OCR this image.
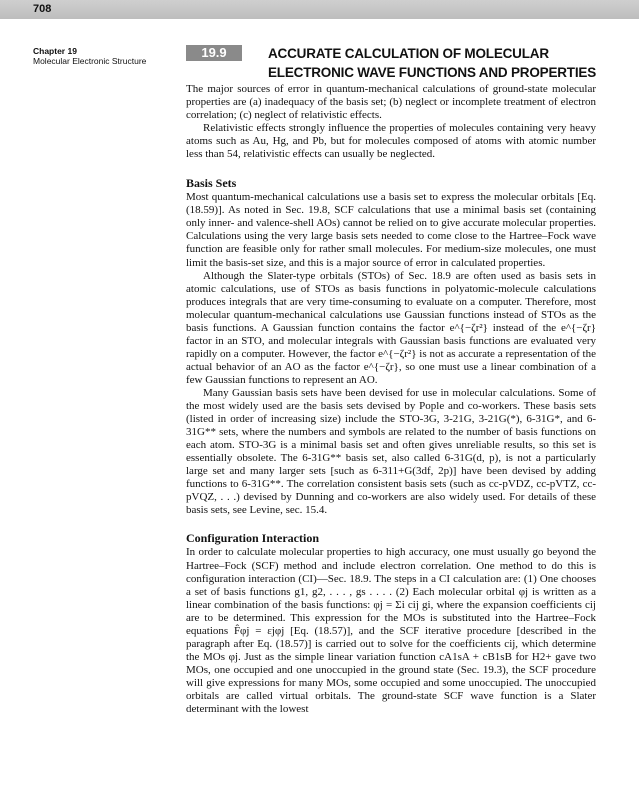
708
Chapter 19
Molecular Electronic Structure
19.9	ACCURATE CALCULATION OF MOLECULAR
ELECTRONIC WAVE FUNCTIONS AND PROPERTIES

The major sources of error in quantum-mechanical calculations of ground-state molecular properties are (a) inadequacy of the basis set; (b) neglect or incomplete treatment of electron correlation; (c) neglect of relativistic effects.

Relativistic effects strongly influence the properties of molecules containing very heavy atoms such as Au, Hg, and Pb, but for molecules composed of atoms with atomic number less than 54, relativistic effects can usually be neglected.

Basis Sets

Most quantum-mechanical calculations use a basis set to express the molecular orbitals [Eq. (18.59)]. As noted in Sec. 19.8, SCF calculations that use a minimal basis set (containing only inner- and valence-shell AOs) cannot be relied on to give accurate molecular properties. Calculations using the very large basis sets needed to come close to the Hartree–Fock wave function are feasible only for rather small molecules. For medium-size molecules, one must limit the basis-set size, and this is a major source of error in calculated properties.

Although the Slater-type orbitals (STOs) of Sec. 18.9 are often used as basis sets in atomic calculations, use of STOs as basis functions in polyatomic-molecule calculations produces integrals that are very time-consuming to evaluate on a computer. Therefore, most molecular quantum-mechanical calculations use Gaussian functions instead of STOs as the basis functions. A Gaussian function contains the factor e^{−ζr²} instead of the e^{−ζr} factor in an STO, and molecular integrals with Gaussian basis functions are evaluated very rapidly on a computer. However, the factor e^{−ζr²} is not as accurate a representation of the actual behavior of an AO as the factor e^{−ζr}, so one must use a linear combination of a few Gaussian functions to represent an AO.

Many Gaussian basis sets have been devised for use in molecular calculations. Some of the most widely used are the basis sets devised by Pople and co-workers. These basis sets (listed in order of increasing size) include the STO-3G, 3-21G, 3-21G(*), 6-31G*, and 6-31G** sets, where the numbers and symbols are related to the number of basis functions on each atom. STO-3G is a minimal basis set and often gives unreliable results, so this set is essentially obsolete. The 6-31G** basis set, also called 6-31G(d, p), is not a particularly large set and many larger sets [such as 6-311+G(3df, 2p)] have been devised by adding functions to 6-31G**. The correlation consistent basis sets (such as cc-pVDZ, cc-pVTZ, cc-pVQZ, . . .) devised by Dunning and co-workers are also widely used. For details of these basis sets, see Levine, sec. 15.4.

Configuration Interaction

In order to calculate molecular properties to high accuracy, one must usually go beyond the Hartree–Fock (SCF) method and include electron correlation. One method to do this is configuration interaction (CI)—Sec. 18.9. The steps in a CI calculation are: (1) One chooses a set of basis functions g1, g2, . . . , gs . . . . (2) Each molecular orbital φj is written as a linear combination of the basis functions: φj = Σi cij gi, where the expansion coefficients cij are to be determined. This expression for the MOs is substituted into the Hartree–Fock equations F̂φj = εjφj [Eq. (18.57)], and the SCF iterative procedure [described in the paragraph after Eq. (18.57)] is carried out to solve for the coefficients cij, which determine the MOs φj. Just as the simple linear variation function cA1sA + cB1sB for H2+ gave two MOs, one occupied and one unoccupied in the ground state (Sec. 19.3), the SCF procedure will give expressions for many MOs, some occupied and some unoccupied. The unoccupied orbitals are called virtual orbitals. The ground-state SCF wave function is a Slater determinant with the lowest
